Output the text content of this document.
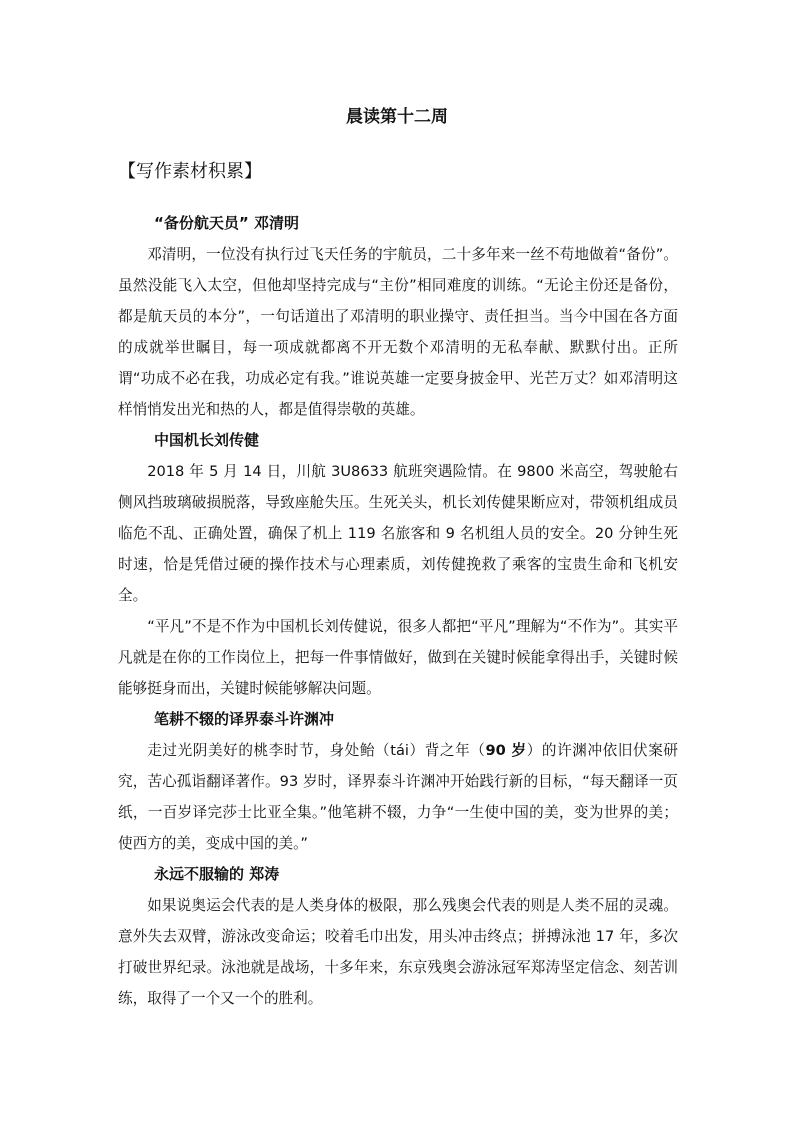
晨读第十二周
【写作素材积累】

“备份航天员” 邓清明

邓清明，一位没有执行过飞天任务的宇航员，二十多年来一丝不苟地做着“备份”。虽然没能飞入太空，但他却坚持完成与“主份”相同难度的训练。“无论主份还是备份，都是航天员的本分”，一句话道出了邓清明的职业操守、责任担当。当今中国在各方面的成就举世瞩目，每一项成就都离不开无数个邓清明的无私奉献、默默付出。正所谓“功成不必在我，功成必定有我。”谁说英雄一定要身披金甲、光芒万丈？如邓清明这样悄悄发出光和热的人，都是值得崇敬的英雄。

中国机长刘传健

2018 年 5 月 14 日，川航 3U8633 航班突遇险情。在 9800 米高空，驾驶舱右侧风挡玻璃破损脱落，导致座舱失压。生死关头，机长刘传健果断应对，带领机组成员临危不乱、正确处置，确保了机上 119 名旅客和 9 名机组人员的安全。20 分钟生死时速，恰是凭借过硬的操作技术与心理素质，刘传健挽救了乘客的宝贵生命和飞机安全。

“平凡”不是不作为中国机长刘传健说，很多人都把“平凡”理解为“不作为”。其实平凡就是在你的工作岗位上，把每一件事情做好，做到在关键时候能拿得出手，关键时候能够挺身而出，关键时候能够解决问题。

笔耕不辍的译界泰斗许渊冲

走过光阴美好的桃李时节，身处鲐（tái）背之年（90 岁）的许渊冲依旧伏案研究，苦心孤诣翻译著作。93 岁时，译界泰斗许渊冲开始践行新的目标，“每天翻译一页纸，一百岁译完莎士比亚全集。”他笔耕不辍，力争“一生使中国的美，变为世界的美；使西方的美，变成中国的美。”

永远不服输的 郑涛

如果说奥运会代表的是人类身体的极限，那么残奥会代表的则是人类不屈的灵魂。意外失去双臂，游泳改变命运；咬着毛巾出发，用头冲击终点；拼搏泳池 17 年，多次打破世界纪录。泳池就是战场，十多年来，东京残奥会游泳冠军郑涛坚定信念、刻苦训练，取得了一个又一个的胜利。
